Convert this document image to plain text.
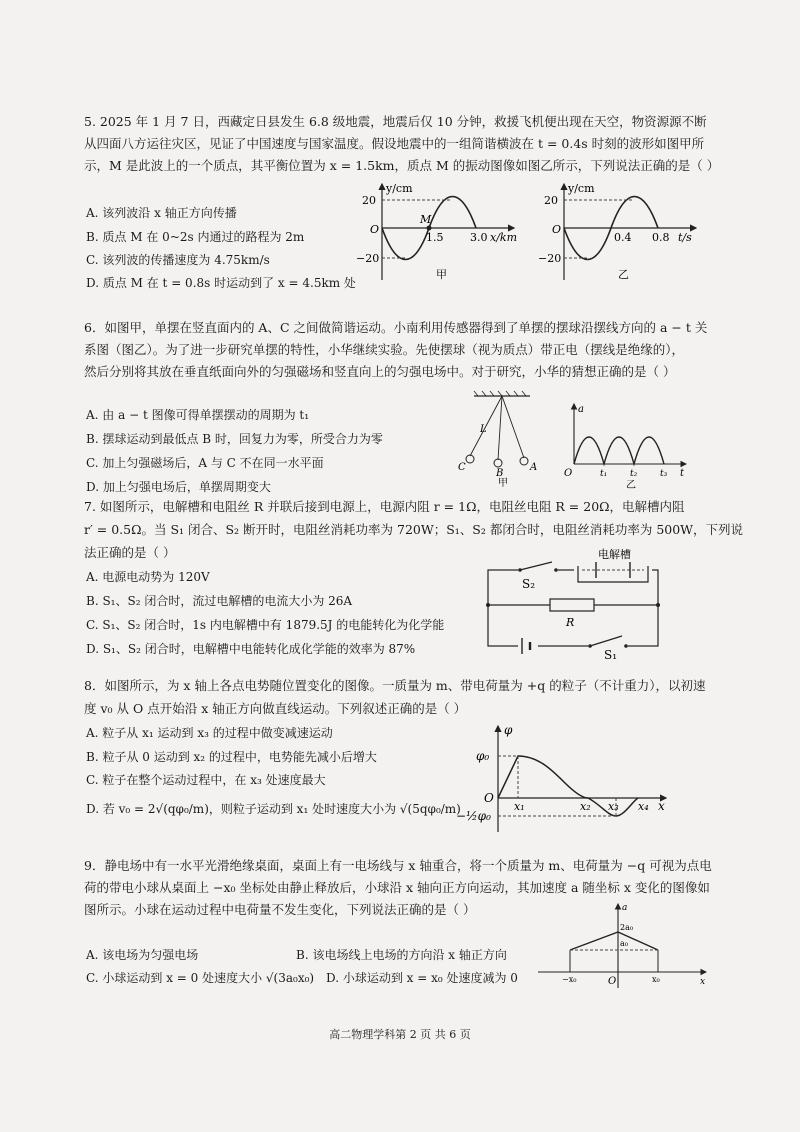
5. 2025 年 1 月 7 日，西藏定日县发生 6.8 级地震，地震后仅 10 分钟，救援飞机便出现在天空，物资源源不断
从四面八方运往灾区，见证了中国速度与国家温度。假设地震中的一组简谐横波在 t = 0.4s 时刻的波形如图甲所
示，M 是此波上的一个质点，其平衡位置为 x = 1.5km，质点 M 的振动图像如图乙所示，下列说法正确的是（ ）
A. 该列波沿 x 轴正方向传播
B. 质点 M 在 0~2s 内通过的路程为 2m
C. 该列波的传播速度为 4.75km/s
D. 质点 M 在 t = 0.8s 时运动到了 x = 4.5km 处
y/cm
20
−20
O
M
1.5 3.0 x/km
甲
y/cm
20
−20
O
0.4 0.8 t/s
乙
6．如图甲，单摆在竖直面内的 A、C 之间做简谐运动。小南利用传感器得到了单摆的摆球沿摆线方向的 a − t 关
系图（图乙）。为了进一步研究单摆的特性，小华继续实验。先使摆球（视为质点）带正电（摆线是绝缘的），
然后分别将其放在垂直纸面向外的匀强磁场和竖直向上的匀强电场中。对于研究，小华的猜想正确的是（ ）
A. 由 a − t 图像可得单摆摆动的周期为 t₁
B. 摆球运动到最低点 B 时，回复力为零，所受合力为零
C. 加上匀强磁场后，A 与 C 不在同一水平面
D. 加上匀强电场后，单摆周期变大
L
A
B
C
甲
a
O	t₁	t₂	t₃ t
乙
7. 如图所示，电解槽和电阻丝 R 并联后接到电源上，电源内阻 r = 1Ω，电阻丝电阻 R = 20Ω，电解槽内阻
r′ = 0.5Ω。当 S₁ 闭合、S₂ 断开时，电阻丝消耗功率为 720W；S₁、S₂ 都闭合时，电阻丝消耗功率为 500W，下列说
法正确的是（ ）
A. 电源电动势为 120V
B. S₁、S₂ 闭合时，流过电解槽的电流大小为 26A
C. S₁、S₂ 闭合时，1s 内电解槽中有 1879.5J 的电能转化为化学能
D. S₁、S₂ 闭合时，电解槽中电能转化成化学能的效率为 87%
电解槽
S₂
R
S₁
8．如图所示，为 x 轴上各点电势随位置变化的图像。一质量为 m、带电荷量为 +q 的粒子（不计重力），以初速
度 v₀ 从 O 点开始沿 x 轴正方向做直线运动。下列叙述正确的是（ ）
A. 粒子从 x₁ 运动到 x₃ 的过程中做变减速运动
B. 粒子从 0 运动到 x₂ 的过程中，电势能先减小后增大
C. 粒子在整个运动过程中，在 x₃ 处速度最大
D. 若 v₀ = 2√(qφ₀/m)，则粒子运动到 x₁ 处时速度大小为 √(5qφ₀/m)
φ
φ₀
−½φ₀
O
x₁	x₂ x₃ x₄ x
9．静电场中有一水平光滑绝缘桌面，桌面上有一电场线与 x 轴重合，将一个质量为 m、电荷量为 −q 可视为点电
荷的带电小球从桌面上 −x₀ 坐标处由静止释放后，小球沿 x 轴向正方向运动，其加速度 a 随坐标 x 变化的图像如
图所示。小球在运动过程中电荷量不发生变化，下列说法正确的是（ ）
A. 该电场为匀强电场	B. 该电场线上电场的方向沿 x 轴正方向
C. 小球运动到 x = 0 处速度大小 √(3a₀x₀) D. 小球运动到 x = x₀ 处速度减为 0
a
2a₀
a₀
−x₀	x₀
O	x
高二物理学科第 2 页 共 6 页
